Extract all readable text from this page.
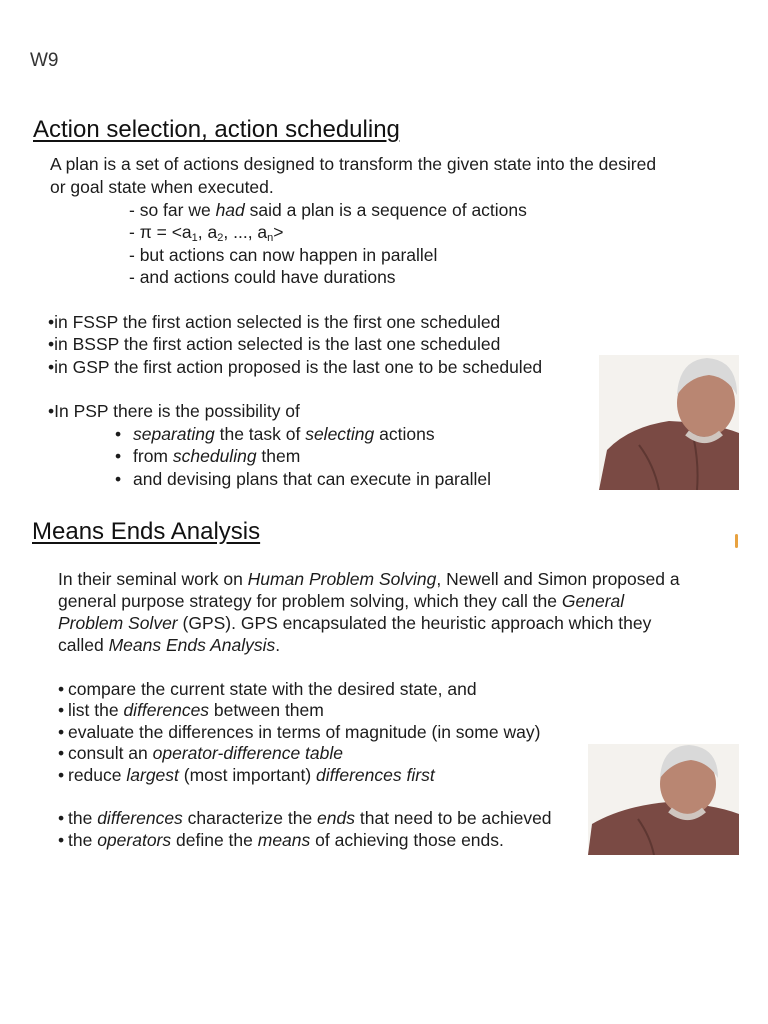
W9
Action selection, action scheduling
A plan is a set of actions designed to transform the given state into the desired
or goal state when executed.
- so far we had said a plan is a sequence of actions
- $\pi = <a_1$, $a_2$, ..., $a_n>$
- but actions can now happen in parallel
- and actions could have durations
•in FSSP the first action selected is the first one scheduled
•in BSSP the first action selected is the last one scheduled
•in GSP the first action proposed is the last one to be scheduled
•In PSP there is the possibility of
• separating the task of selecting actions
• from scheduling them
• and devising plans that can execute in parallel
Means Ends Analysis
In their seminal work on Human Problem Solving, Newell and Simon proposed a
general purpose strategy for problem solving, which they call the General
Problem Solver (GPS). GPS encapsulated the heuristic approach which they
called Means Ends Analysis.
• compare the current state with the desired state, and
• list the differences between them
• evaluate the differences in terms of magnitude (in some way)
• consult an operator-difference table
• reduce largest (most important) differences first
• the differences characterize the ends that need to be achieved
• the operators define the means of achieving those ends.
